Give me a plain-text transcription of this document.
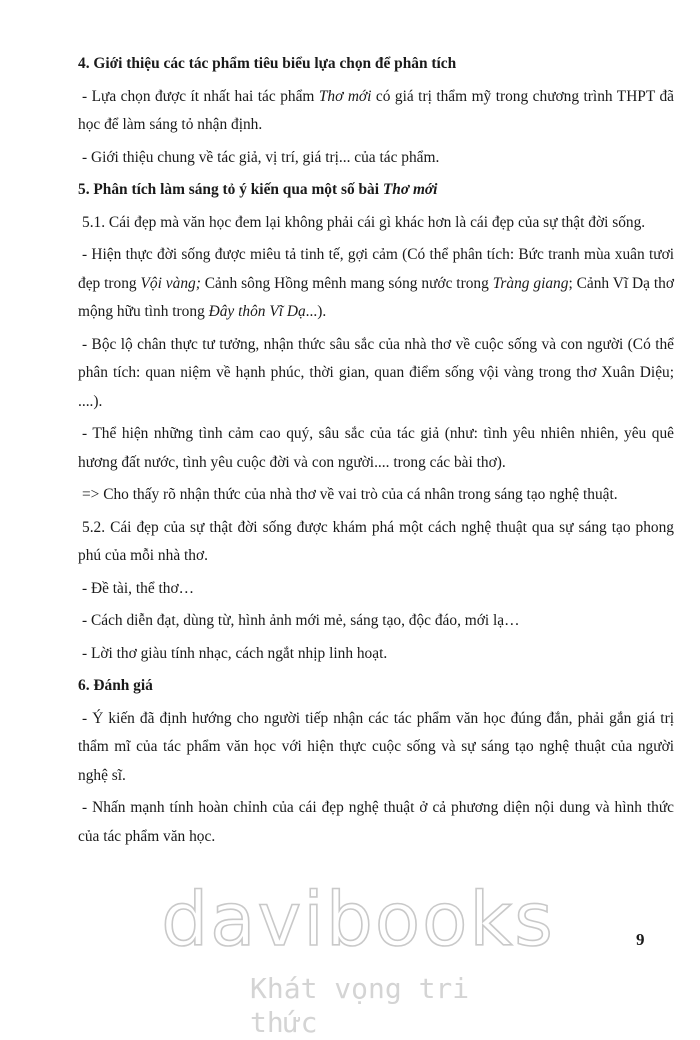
4. Giới thiệu các tác phẩm tiêu biểu lựa chọn để phân tích

- Lựa chọn được ít nhất hai tác phẩm Thơ mới có giá trị thẩm mỹ trong chương trình THPT đã học để làm sáng tỏ nhận định.

- Giới thiệu chung về tác giả, vị trí, giá trị... của tác phẩm.

5. Phân tích làm sáng tỏ ý kiến qua một số bài Thơ mới

5.1. Cái đẹp mà văn học đem lại không phải cái gì khác hơn là cái đẹp của sự thật đời sống.

- Hiện thực đời sống được miêu tả tinh tế, gợi cảm (Có thể phân tích: Bức tranh mùa xuân tươi đẹp trong Vội vàng; Cảnh sông Hồng mênh mang sóng nước trong Tràng giang; Cảnh Vĩ Dạ thơ mộng hữu tình trong Đây thôn Vĩ Dạ...).

- Bộc lộ chân thực tư tưởng, nhận thức sâu sắc của nhà thơ về cuộc sống và con người (Có thể phân tích: quan niệm về hạnh phúc, thời gian, quan điểm sống vội vàng trong thơ Xuân Diệu; ....).

- Thể hiện những tình cảm cao quý, sâu sắc của tác giả (như: tình yêu nhiên nhiên, yêu quê hương đất nước, tình yêu cuộc đời và con người.... trong các bài thơ).

=> Cho thấy rõ nhận thức của nhà thơ về vai trò của cá nhân trong sáng tạo nghệ thuật.

5.2. Cái đẹp của sự thật đời sống được khám phá một cách nghệ thuật qua sự sáng tạo phong phú của mỗi nhà thơ.

- Đề tài, thể thơ…

- Cách diễn đạt, dùng từ, hình ảnh mới mẻ, sáng tạo, độc đáo, mới lạ…

- Lời thơ giàu tính nhạc, cách ngắt nhịp linh hoạt.

6. Đánh giá

- Ý kiến đã định hướng cho người tiếp nhận các tác phẩm văn học đúng đắn, phải gắn giá trị thẩm mĩ của tác phẩm văn học với hiện thực cuộc sống và sự sáng tạo nghệ thuật của người nghệ sĩ.

- Nhấn mạnh tính hoàn chỉnh của cái đẹp nghệ thuật ở cả phương diện nội dung và hình thức của tác phẩm văn học.

9
davibooks
Khát vọng tri thức
